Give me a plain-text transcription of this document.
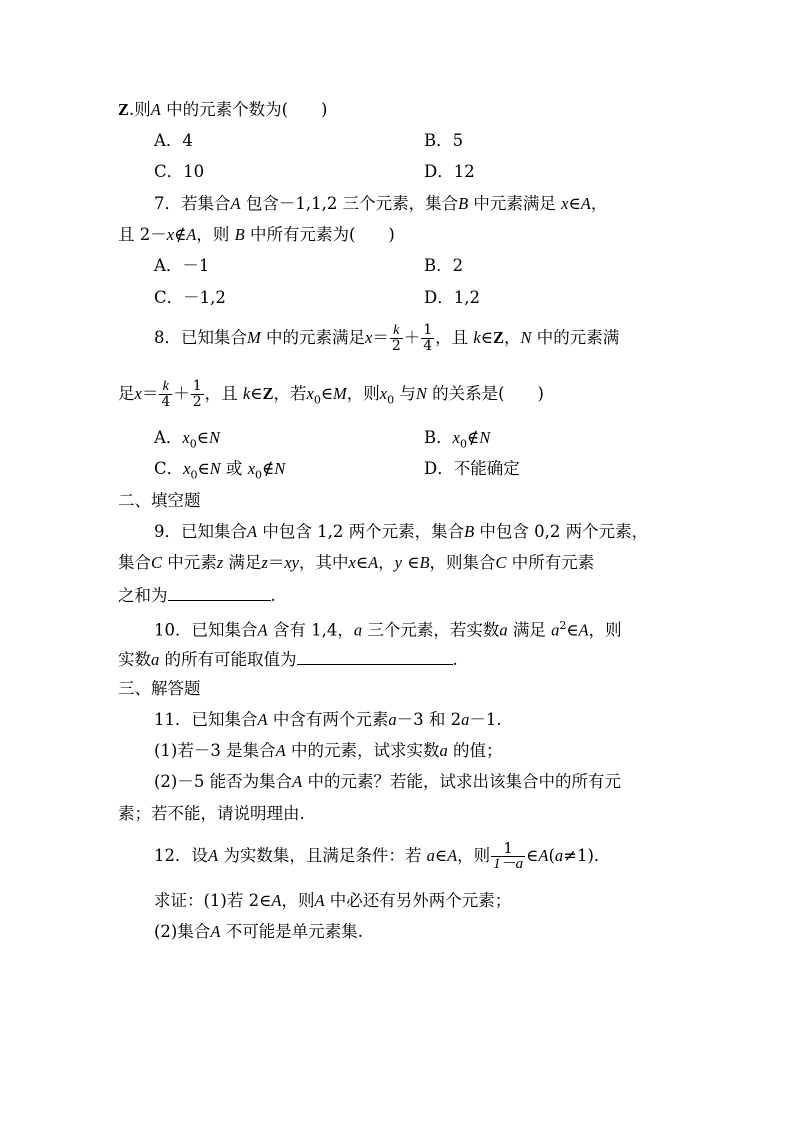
Z.则A 中的元素个数为(　　)
A．4	B．5
C．10	D．12
7．若集合A 包含－1,1,2 三个元素，集合B 中元素满足 x∈A，
且 2－x∉A，则 B 中所有元素为(　　)
A．－1	B．2
C．－1,2	D．1,2
8．已知集合M 中的元素满足$x= \frac{k}{2} + \frac{1}{4}$ ，且 k∈Z，N 中的元素满
足$x= \frac{k}{4} + \frac{1}{2}$ ，且 k∈Z，若$x_0\in M$，则$x_0$ 与N 的关系是(　　)
A．$x_0\in N$	B．$x_0\notin N$
C．$x_0\in N$ 或 $x_0\notin N$	D．不能确定
二、填空题
9．已知集合A 中包含 1,2 两个元素，集合B 中包含 0,2 两个元素，
集合C 中元素z 满足z＝xy，其中x∈A，y ∈B，则集合C 中所有元素
之和为	.
10．已知集合A 含有 1,4，a 三个元素，若实数a 满足 $a^2\in A$，则
实数a 的所有可能取值为	.
三、解答题
11．已知集合A 中含有两个元素a－3 和 2a－1.
(1)若－3 是集合A 中的元素，试求实数a 的值；
(2)－5 能否为集合A 中的元素？若能，试求出该集合中的所有元
素；若不能，请说明理由.
12．设A 为实数集，且满足条件：若 a∈A，则 $\frac{1}{1-a}$ ∈A(a≠1)．
求证：(1)若 2∈A，则A 中必还有另外两个元素；
(2)集合A 不可能是单元素集.
